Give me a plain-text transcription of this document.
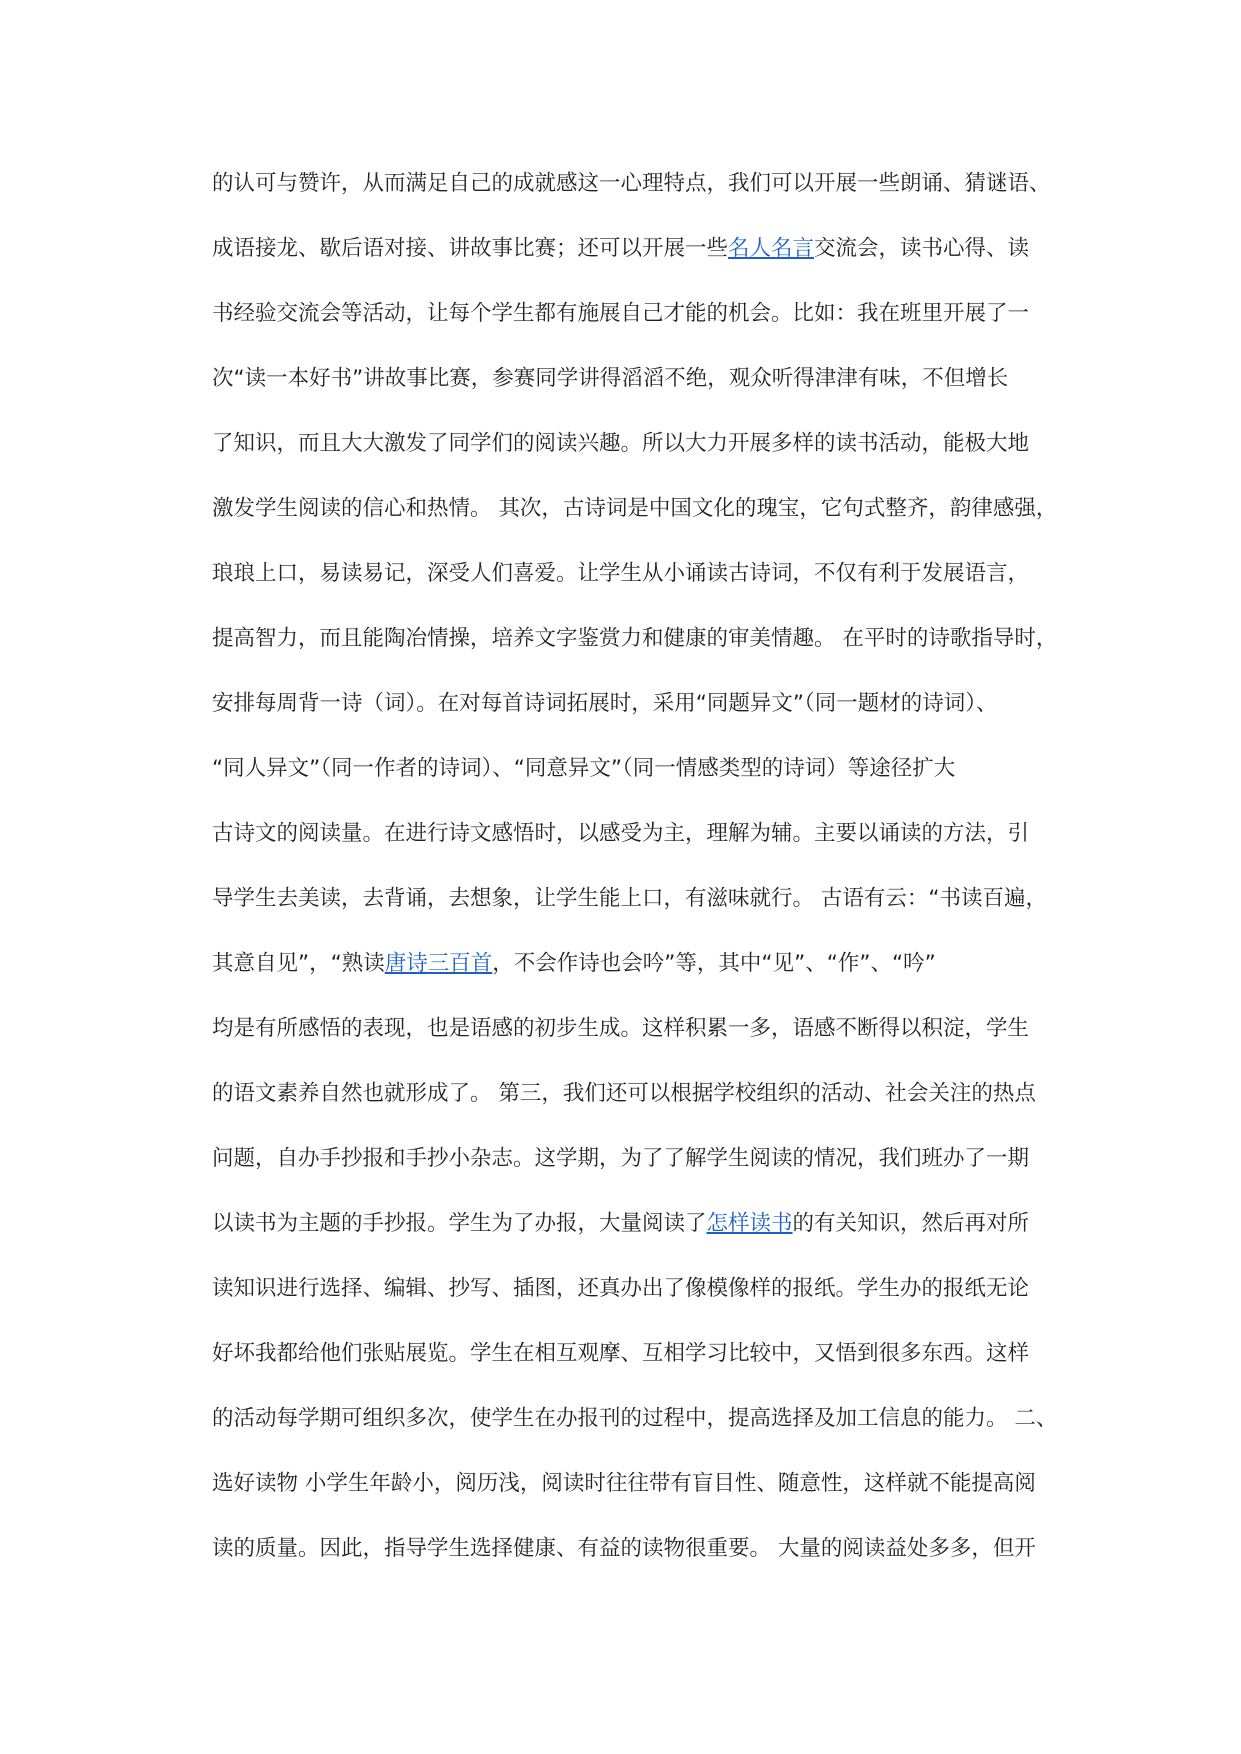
的认可与赞许，从而满足自己的成就感这一心理特点，我们可以开展一些朗诵、猜谜语、
成语接龙、歇后语对接、讲故事比赛；还可以开展一些名人名言交流会，读书心得、读
书经验交流会等活动，让每个学生都有施展自己才能的机会。比如：我在班里开展了一
次“读一本好书”讲故事比赛，参赛同学讲得滔滔不绝，观众听得津津有味，不但增长
了知识，而且大大激发了同学们的阅读兴趣。所以大力开展多样的读书活动，能极大地
激发学生阅读的信心和热情。 其次，古诗词是中国文化的瑰宝，它句式整齐，韵律感强，
琅琅上口，易读易记，深受人们喜爱。让学生从小诵读古诗词，不仅有利于发展语言，
提高智力，而且能陶冶情操，培养文字鉴赏力和健康的审美情趣。 在平时的诗歌指导时，
安排每周背一诗（词）。在对每首诗词拓展时，采用“同题异文”（同一题材的诗词）、
“同人异文”（同一作者的诗词）、“同意异文”（同一情感类型的诗词）等途径扩大
古诗文的阅读量。在进行诗文感悟时，以感受为主，理解为辅。主要以诵读的方法，引
导学生去美读，去背诵，去想象，让学生能上口，有滋味就行。 古语有云：“书读百遍，
其意自见”，“熟读唐诗三百首，不会作诗也会吟”等，其中“见”、“作”、“吟”
均是有所感悟的表现，也是语感的初步生成。这样积累一多，语感不断得以积淀，学生
的语文素养自然也就形成了。 第三，我们还可以根据学校组织的活动、社会关注的热点
问题，自办手抄报和手抄小杂志。这学期，为了了解学生阅读的情况，我们班办了一期
以读书为主题的手抄报。学生为了办报，大量阅读了怎样读书的有关知识，然后再对所
读知识进行选择、编辑、抄写、插图，还真办出了像模像样的报纸。学生办的报纸无论
好坏我都给他们张贴展览。学生在相互观摩、互相学习比较中，又悟到很多东西。这样
的活动每学期可组织多次，使学生在办报刊的过程中，提高选择及加工信息的能力。 二、
选好读物 小学生年龄小，阅历浅，阅读时往往带有盲目性、随意性，这样就不能提高阅
读的质量。因此，指导学生选择健康、有益的读物很重要。 大量的阅读益处多多，但开
